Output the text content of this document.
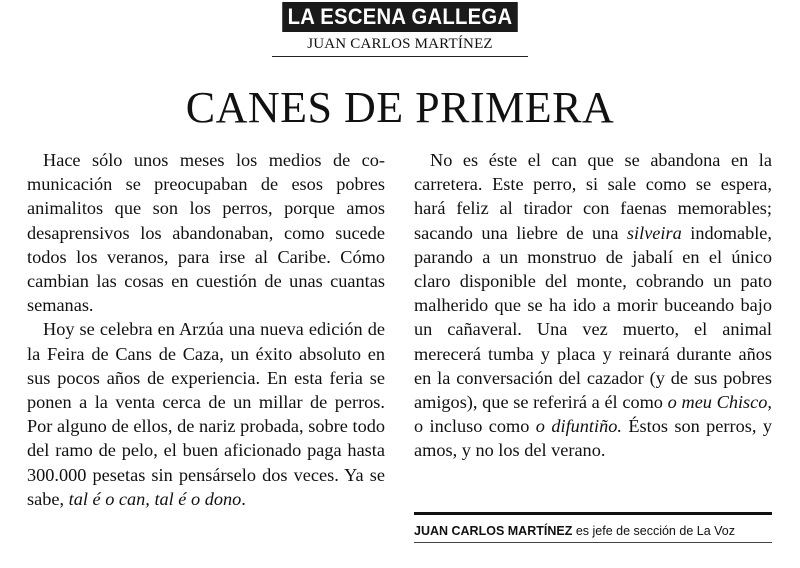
LA ESCENA GALLEGA
JUAN CARLOS MARTÍNEZ
CANES DE PRIMERA

Hace sólo unos meses los medios de comunicación se preocupaban de esos pobres animalitos que son los perros, porque amos desaprensivos los abandonaban, como sucede todos los veranos, para irse al Caribe. Cómo cambian las cosas en cuestión de unas cuantas semanas.

Hoy se celebra en Arzúa una nueva edición de la Feira de Cans de Caza, un éxito absoluto en sus pocos años de experiencia. En esta feria se ponen a la venta cerca de un millar de perros. Por alguno de ellos, de nariz probada, sobre todo del ramo de pelo, el buen aficionado paga hasta 300.000 pesetas sin pensárselo dos veces. Ya se sabe, tal é o can, tal é o dono.

No es éste el can que se abandona en la carretera. Este perro, si sale como se espera, hará feliz al tirador con faenas memorables; sacando una liebre de una silveira indomable, parando a un monstruo de jabalí en el único claro disponible del monte, cobrando un pato malherido que se ha ido a morir buceando bajo un cañaveral. Una vez muerto, el animal merecerá tumba y placa y reinará durante años en la conversación del cazador (y de sus pobres amigos), que se referirá a él como o meu Chisco, o incluso como o difuntiño. Éstos son perros, y amos, y no los del verano.

JUAN CARLOS MARTÍNEZ es jefe de sección de La Voz
